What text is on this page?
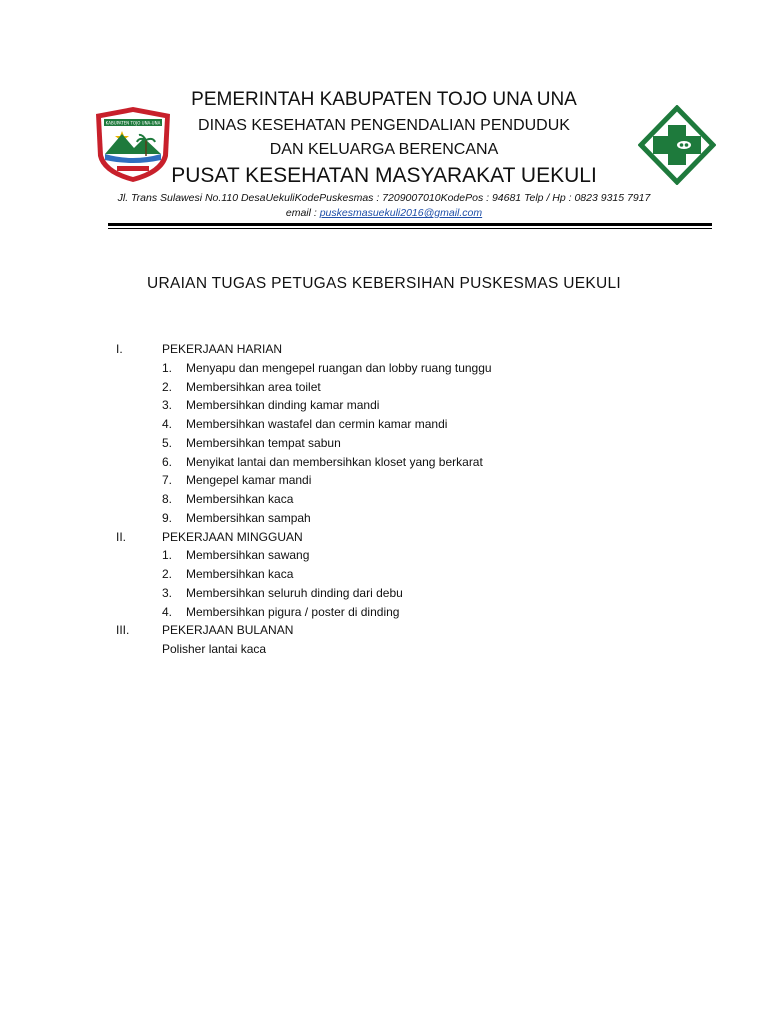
KABUPATEN TOJO UNA-UNA
PEMERINTAH KABUPATEN TOJO UNA UNA
DINAS KESEHATAN PENGENDALIAN PENDUDUK
DAN KELUARGA BERENCANA
PUSAT KESEHATAN MASYARAKAT UEKULI
Jl. Trans Sulawesi No.110 DesaUekuliKodePuskesmas : 7209007010KodePos : 94681 Telp / Hp : 0823 9315 7917
email : puskesmasuekuli2016@gmail.com
URAIAN TUGAS PETUGAS KEBERSIHAN PUSKESMAS UEKULI
I.	PEKERJAAN HARIAN
1. Menyapu dan mengepel ruangan dan lobby ruang tunggu
2. Membersihkan area toilet
3. Membersihkan dinding kamar mandi
4. Membersihkan wastafel dan cermin kamar mandi
5. Membersihkan tempat sabun
6. Menyikat lantai dan membersihkan kloset yang berkarat
7. Mengepel kamar mandi
8. Membersihkan kaca
9. Membersihkan sampah
II.	PEKERJAAN MINGGUAN
1. Membersihkan sawang
2. Membersihkan kaca
3. Membersihkan seluruh dinding dari debu
4. Membersihkan pigura / poster di dinding
III.	PEKERJAAN BULANAN
Polisher lantai kaca
